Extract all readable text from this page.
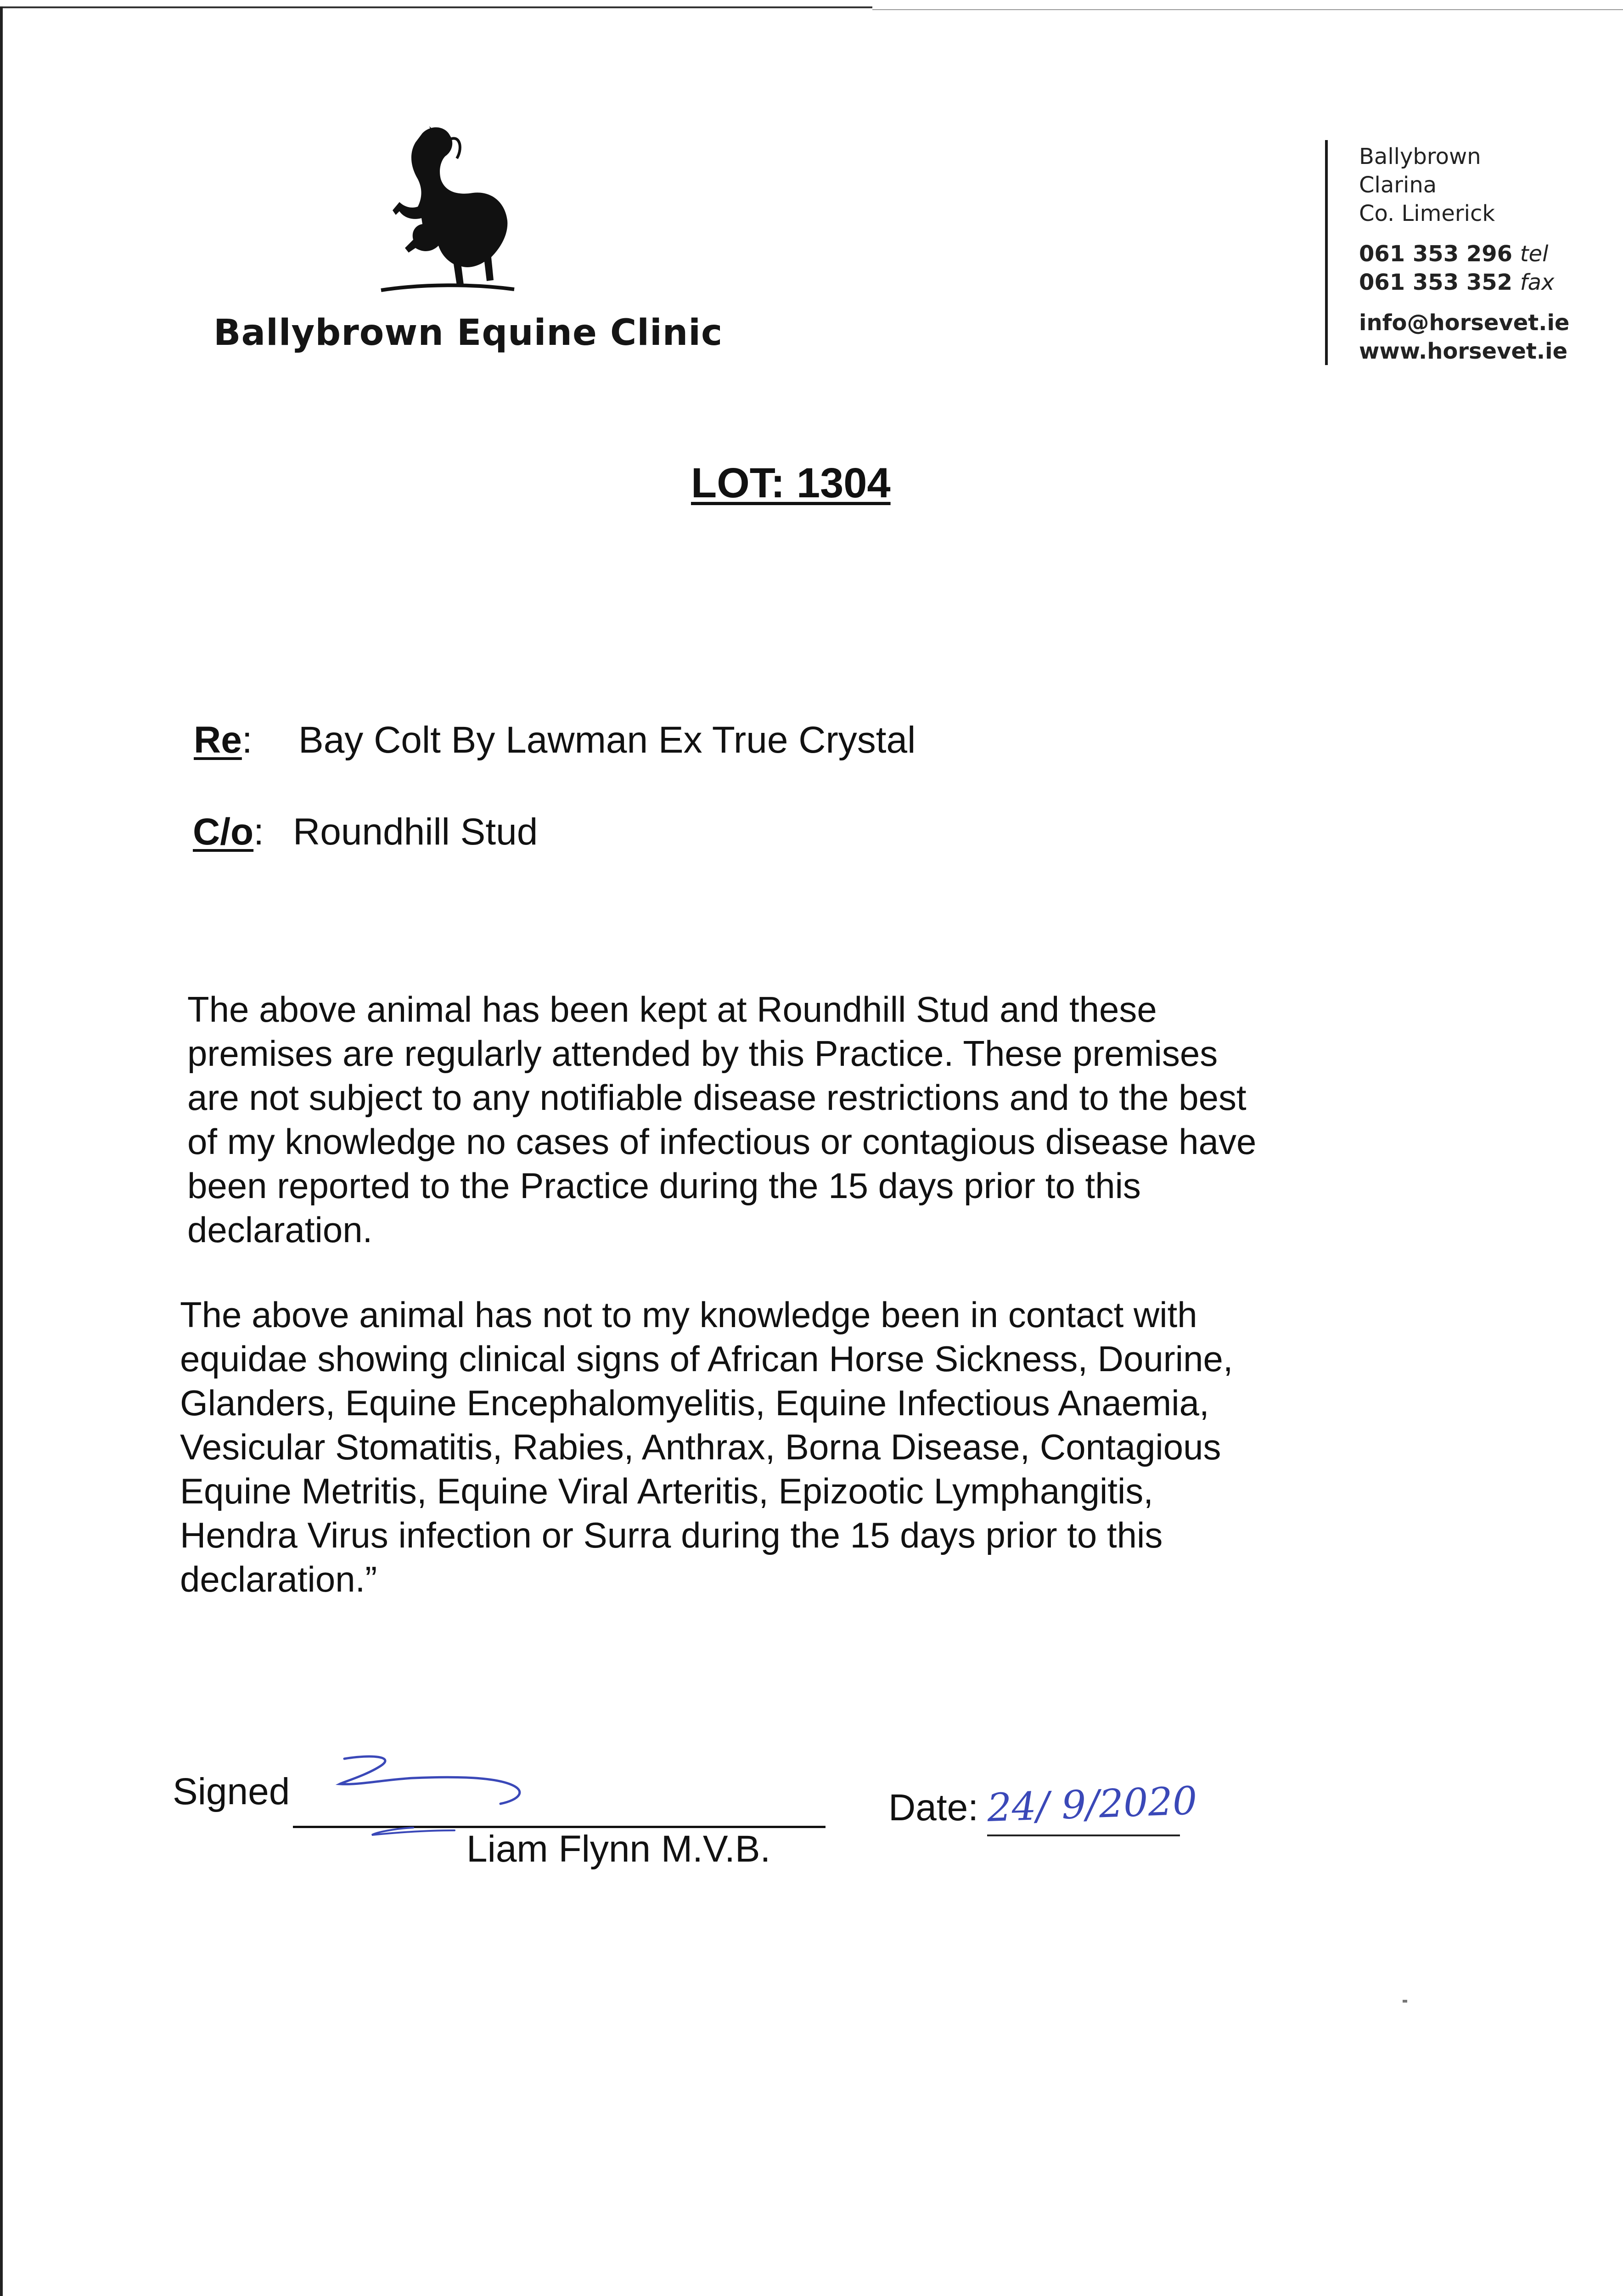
Ballybrown Equine Clinic
Ballybrown
Clarina
Co. Limerick
061 353 296 tel
061 353 352 fax
info@horsevet.ie
www.horsevet.ie
LOT: 1304
Re: Bay Colt By Lawman Ex True Crystal
C/o: Roundhill Stud
The above animal has been kept at Roundhill Stud and these
premises are regularly attended by this Practice. These premises
are not subject to any notifiable disease restrictions and to the best
of my knowledge no cases of infectious or contagious disease have
been reported to the Practice during the 15 days prior to this
declaration.
The above animal has not to my knowledge been in contact with
equidae showing clinical signs of African Horse Sickness, Dourine,
Glanders, Equine Encephalomyelitis, Equine Infectious Anaemia,
Vesicular Stomatitis, Rabies, Anthrax, Borna Disease, Contagious
Equine Metritis, Equine Viral Arteritis, Epizootic Lymphangitis,
Hendra Virus infection or Surra during the 15 days prior to this
declaration.”
Signed
Liam Flynn M.V.B.
Date: 24/ 9/2020
